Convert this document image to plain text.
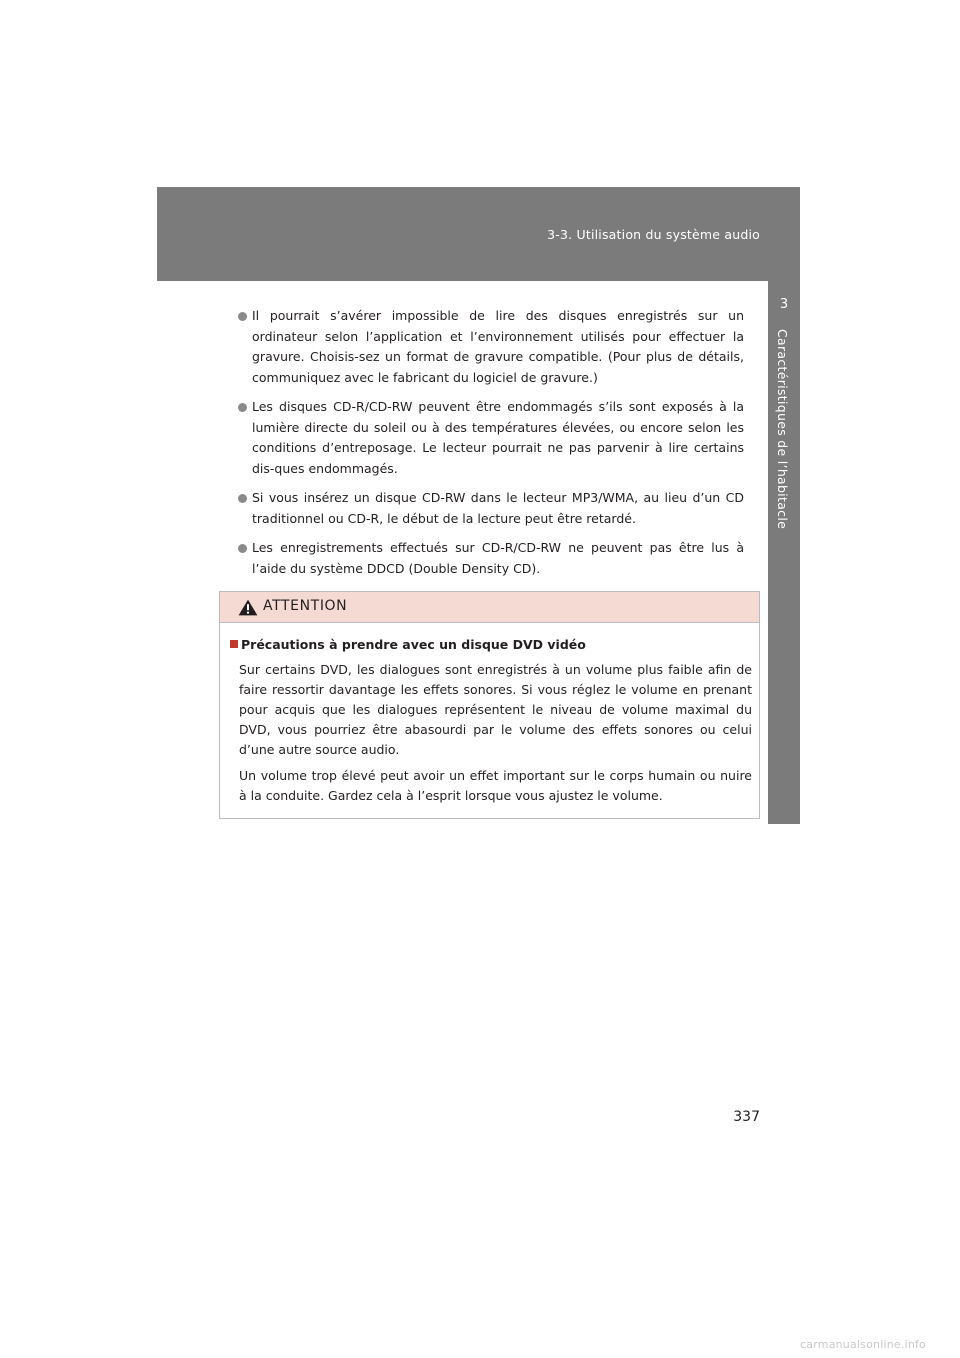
3-3. Utilisation du système audio
3
Caractéristiques de l’habitacle
Il pourrait s’avérer impossible de lire des disques enregistrés sur un ordinateur selon l’application et l’environnement utilisés pour effectuer la gravure. Choisis-sez un format de gravure compatible. (Pour plus de détails, communiquez avec le fabricant du logiciel de gravure.)
Les disques CD-R/CD-RW peuvent être endommagés s’ils sont exposés à la lumière directe du soleil ou à des températures élevées, ou encore selon les conditions d’entreposage. Le lecteur pourrait ne pas parvenir à lire certains dis-ques endommagés.
Si vous insérez un disque CD-RW dans le lecteur MP3/WMA, au lieu d’un CD traditionnel ou CD-R, le début de la lecture peut être retardé.
Les enregistrements effectués sur CD-R/CD-RW ne peuvent pas être lus à l’aide du système DDCD (Double Density CD).
ATTENTION
Précautions à prendre avec un disque DVD vidéo

Sur certains DVD, les dialogues sont enregistrés à un volume plus faible afin de faire ressortir davantage les effets sonores. Si vous réglez le volume en prenant pour acquis que les dialogues représentent le niveau de volume maximal du DVD, vous pourriez être abasourdi par le volume des effets sonores ou celui d’une autre source audio.

Un volume trop élevé peut avoir un effet important sur le corps humain ou nuire à la conduite. Gardez cela à l’esprit lorsque vous ajustez le volume.

337
carmanualsonline.info
